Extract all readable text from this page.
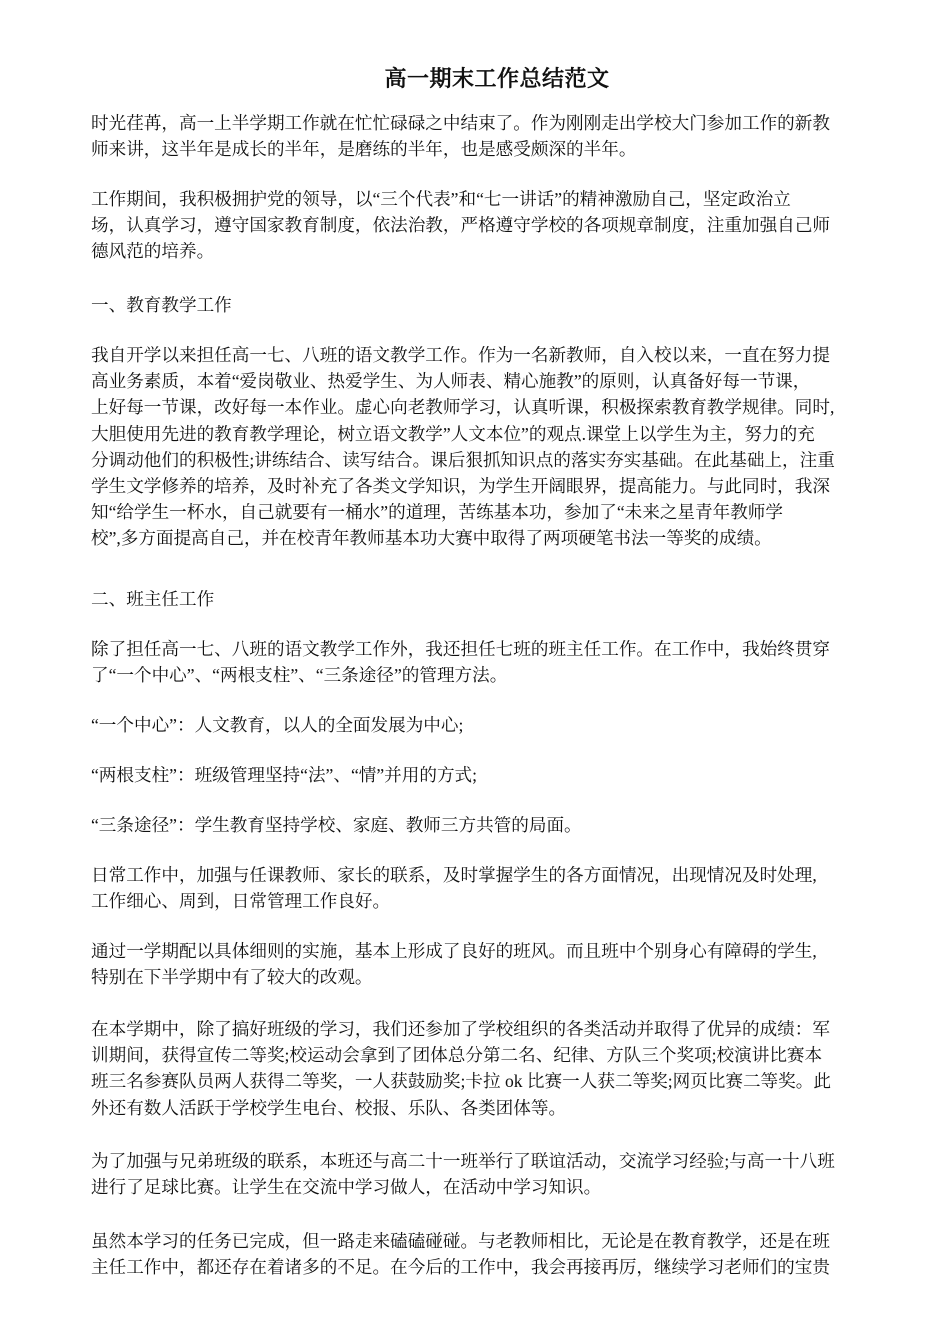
高一期末工作总结范文

时光荏苒，高一上半学期工作就在忙忙碌碌之中结束了。作为刚刚走出学校大门参加工作的新教
师来讲，这半年是成长的半年，是磨练的半年，也是感受颇深的半年。

工作期间，我积极拥护党的领导，以“三个代表”和“七一讲话”的精神激励自己，坚定政治立
场，认真学习，遵守国家教育制度，依法治教，严格遵守学校的各项规章制度，注重加强自己师
德风范的培养。

一、教育教学工作

我自开学以来担任高一七、八班的语文教学工作。作为一名新教师，自入校以来，一直在努力提
高业务素质，本着“爱岗敬业、热爱学生、为人师表、精心施教”的原则，认真备好每一节课，
上好每一节课，改好每一本作业。虚心向老教师学习，认真听课，积极探索教育教学规律。同时,
大胆使用先进的教育教学理论，树立语文教学”人文本位”的观点.课堂上以学生为主，努力的充
分调动他们的积极性;讲练结合、读写结合。课后狠抓知识点的落实夯实基础。在此基础上，注重
学生文学修养的培养，及时补充了各类文学知识，为学生开阔眼界，提高能力。与此同时，我深
知“给学生一杯水，自己就要有一桶水”的道理，苦练基本功，参加了“未来之星青年教师学
校”,多方面提高自己，并在校青年教师基本功大赛中取得了两项硬笔书法一等奖的成绩。

二、班主任工作

除了担任高一七、八班的语文教学工作外，我还担任七班的班主任工作。在工作中，我始终贯穿
了“一个中心”、“两根支柱”、“三条途径”的管理方法。

“一个中心”：人文教育，以人的全面发展为中心;

“两根支柱”：班级管理坚持“法”、“情”并用的方式;

“三条途径”：学生教育坚持学校、家庭、教师三方共管的局面。

日常工作中，加强与任课教师、家长的联系，及时掌握学生的各方面情况，出现情况及时处理,
工作细心、周到，日常管理工作良好。

通过一学期配以具体细则的实施，基本上形成了良好的班风。而且班中个别身心有障碍的学生,
特别在下半学期中有了较大的改观。

在本学期中，除了搞好班级的学习，我们还参加了学校组织的各类活动并取得了优异的成绩：军
训期间，获得宣传二等奖;校运动会拿到了团体总分第二名、纪律、方队三个奖项;校演讲比赛本
班三名参赛队员两人获得二等奖，一人获鼓励奖;卡拉 ok 比赛一人获二等奖;网页比赛二等奖。此
外还有数人活跃于学校学生电台、校报、乐队、各类团体等。

为了加强与兄弟班级的联系，本班还与高二十一班举行了联谊活动，交流学习经验;与高一十八班
进行了足球比赛。让学生在交流中学习做人，在活动中学习知识。

虽然本学习的任务已完成，但一路走来磕磕碰碰。与老教师相比，无论是在教育教学，还是在班
主任工作中，都还存在着诸多的不足。在今后的工作中，我会再接再厉，继续学习老师们的宝贵
